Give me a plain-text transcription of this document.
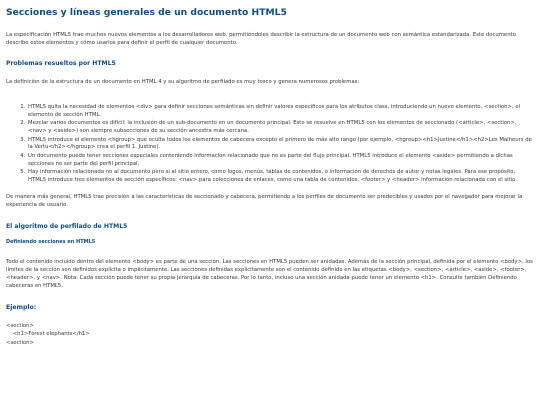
Secciones y líneas generales de un documento HTML5

La especificación HTML5 trae muchos nuevos elementos a los desarrolladores web, permitiéndoles describir la estructura de un documento web con semántica estandarizada. Este documento describe estos elementos y cómo usarlos para definir el perfil de cualquier documento.

Problemas resueltos por HTML5

La definición de la estructura de un documento en HTML 4 y su algoritmo de perfilado es muy tosco y genera numerosos problemas:

1. HTML5 quita la necesidad de elementos <div> para definir secciones semánticas sin definir valores específicos para los atributos class, introduciendo un nuevo elemento, <section>, el elemento de sección HTML.
2. Mezclar varios documentos es difícil: la inclusión de un sub-documento en un documento principal. Esto se resuelve en HTML5 con los elementos de seccionado (<article>, <section>, <nav> y <aside>) son siempre subsecciones de su sección ancestra más cercana.
3. HTML5 introduce el elemento <hgroup> que oculta todos los elementos de cabecera excepto el primero de más alto rango (por ejemplo, <hgroup><h1>Justine</h1><h2>Les Malheurs de la Vertu</h2></hgroup> crea el perfil 1. Justine).
4. Un documento puede tener secciones especiales conteniendo información relacionado que no es parte del flujo principal. HTML5 introduce el elemento <aside> permitiendo a dichas secciones no ser parte del perfil principal.
5. Hay información relacionada no al documento pero si al sitio entero, como logos, menús, tablas de contenidos, o información de derechos de autor y notas legales. Para ese propósito, HTML5 introduce tres elementos de sección específicos: <nav> para colecciones de enlaces, como una tabla de contenidos, <footer> y <header> información relacionada con el sitio.

De manera más general, HTML5 trae precisión a las características de seccionado y cabecera, permitiendo a los perfiles de documento ser predecibles y usados por el navegador para mejorar la experiencia de usuario.

El algoritmo de perfilado de HTML5
Definiendo secciones en HTML5

Todo el contenido incluido dentro del elemento <body> es parte de una sección. Las secciones en HTML5 pueden ser anidadas. Además de la sección principal, definida por el elemento <body>, los límites de la sección son definidos explícita o implícitamente. Las secciones definidas explícitamente son el contenido definido en las etiquetas <body>, <section>, <article>, <aside>, <footer>, <header>, y <nav>. Nota: Cada sección puede tener su propia jerarquía de cabeceras. Por lo tanto, incluso una sección anidada puede tener un elemento <h1>. Consulte también Definiendo cabeceras en HTML5.

Ejemplo:
<section>
<h1>Forest elephants</h1>
<section>
